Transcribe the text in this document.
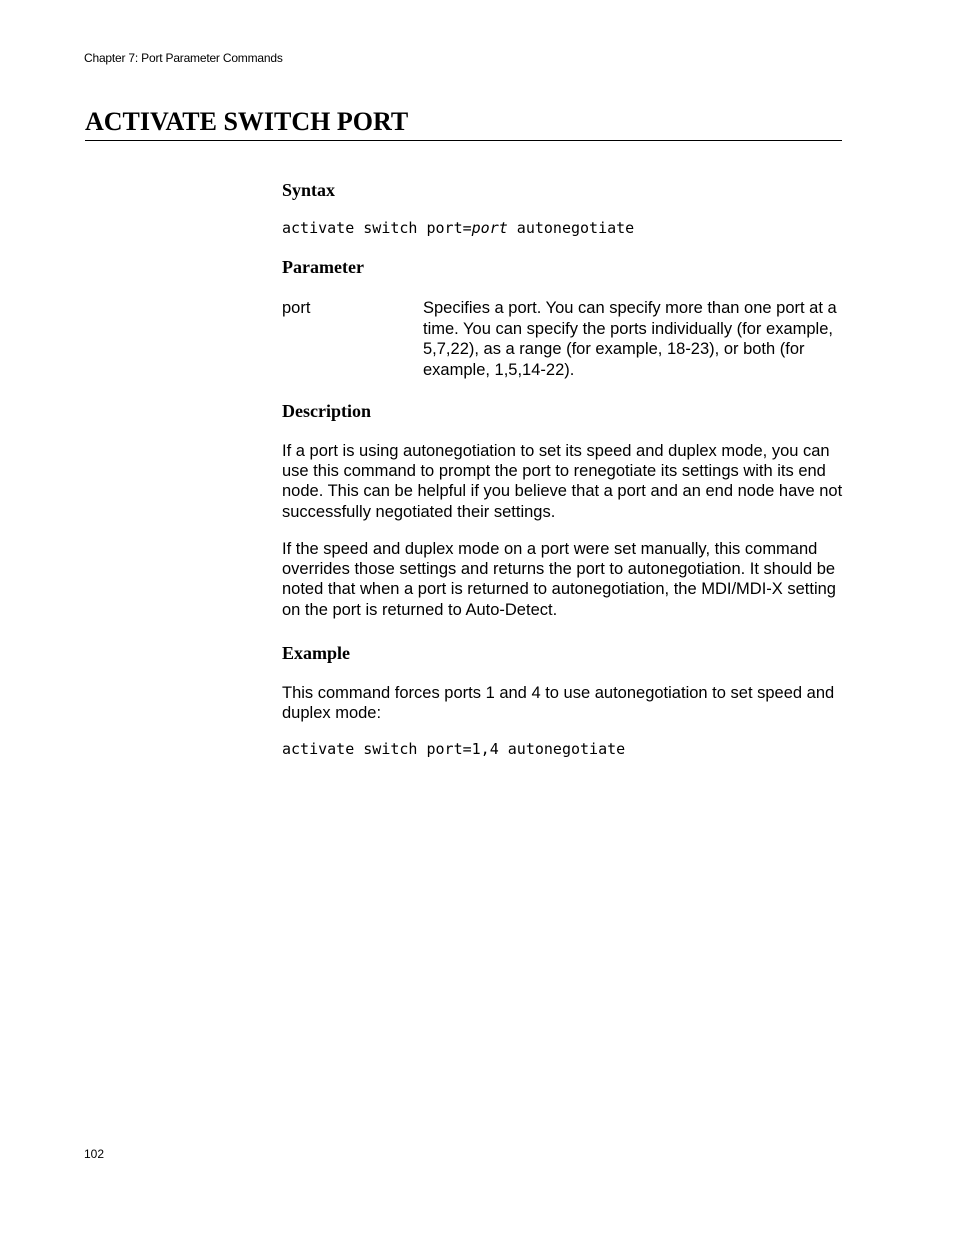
Chapter 7: Port Parameter Commands
ACTIVATE SWITCH PORT
Syntax

activate switch port=port autonegotiate

Parameter

port	Specifies a port. You can specify more than one port at a time. You can specify the ports individually (for example, 5,7,22), as a range (for example, 18-23), or both (for example, 1,5,14-22).

Description

If a port is using autonegotiation to set its speed and duplex mode, you can use this command to prompt the port to renegotiate its settings with its end node. This can be helpful if you believe that a port and an end node have not successfully negotiated their settings.

If the speed and duplex mode on a port were set manually, this command overrides those settings and returns the port to autonegotiation. It should be noted that when a port is returned to autonegotiation, the MDI/MDI-X setting on the port is returned to Auto-Detect.

Example

This command forces ports 1 and 4 to use autonegotiation to set speed and duplex mode:

activate switch port=1,4 autonegotiate

102
